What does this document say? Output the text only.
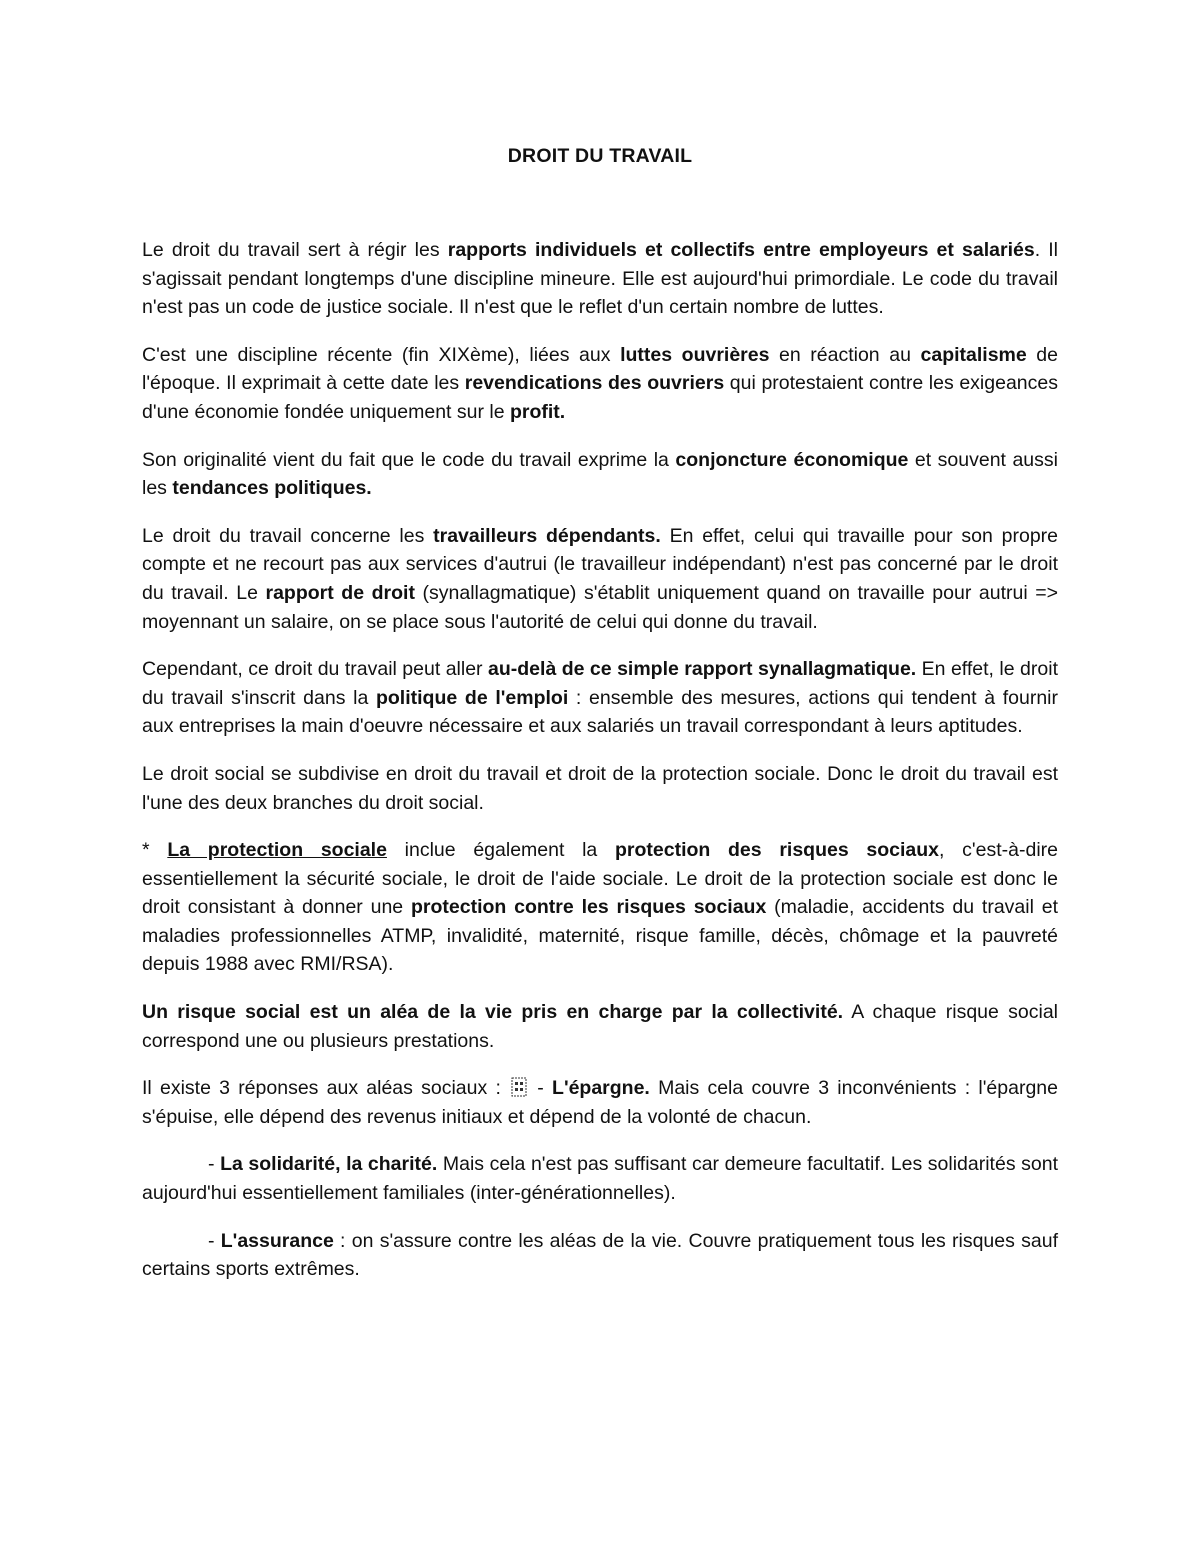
DROIT DU TRAVAIL

Le droit du travail sert à régir les rapports individuels et collectifs entre employeurs et salariés. Il s'agissait pendant longtemps d'une discipline mineure. Elle est aujourd'hui primordiale. Le code du travail n'est pas un code de justice sociale. Il n'est que le reflet d'un certain nombre de luttes.

C'est une discipline récente (fin XIXème), liées aux luttes ouvrières en réaction au capitalisme de l'époque. Il exprimait à cette date les revendications des ouvriers qui protestaient contre les exigeances d'une économie fondée uniquement sur le profit.

Son originalité vient du fait que le code du travail exprime la conjoncture économique et souvent aussi les tendances politiques.

Le droit du travail concerne les travailleurs dépendants. En effet, celui qui travaille pour son propre compte et ne recourt pas aux services d'autrui (le travailleur indépendant) n'est pas concerné par le droit du travail. Le rapport de droit (synallagmatique) s'établit uniquement quand on travaille pour autrui => moyennant un salaire, on se place sous l'autorité de celui qui donne du travail.

Cependant, ce droit du travail peut aller au-delà de ce simple rapport synallagmatique. En effet, le droit du travail s'inscrit dans la politique de l'emploi : ensemble des mesures, actions qui tendent à fournir aux entreprises la main d'oeuvre nécessaire et aux salariés un travail correspondant à leurs aptitudes.

Le droit social se subdivise en droit du travail et droit de la protection sociale. Donc le droit du travail est l'une des deux branches du droit social.

* La protection sociale inclue également la protection des risques sociaux, c'est-à-dire essentiellement la sécurité sociale, le droit de l'aide sociale. Le droit de la protection sociale est donc le droit consistant à donner une protection contre les risques sociaux (maladie, accidents du travail et maladies professionnelles ATMP, invalidité, maternité, risque famille, décès, chômage et la pauvreté depuis 1988 avec RMI/RSA).

Un risque social est un aléa de la vie pris en charge par la collectivité. A chaque risque social correspond une ou plusieurs prestations.

Il existe 3 réponses aux aléas sociaux :  - L'épargne. Mais cela couvre 3 inconvénients : l'épargne s'épuise, elle dépend des revenus initiaux et dépend de la volonté de chacun.

- La solidarité, la charité. Mais cela n'est pas suffisant car demeure facultatif. Les solidarités sont aujourd'hui essentiellement familiales (inter-générationnelles).

- L'assurance : on s'assure contre les aléas de la vie. Couvre pratiquement tous les risques sauf certains sports extrêmes.
